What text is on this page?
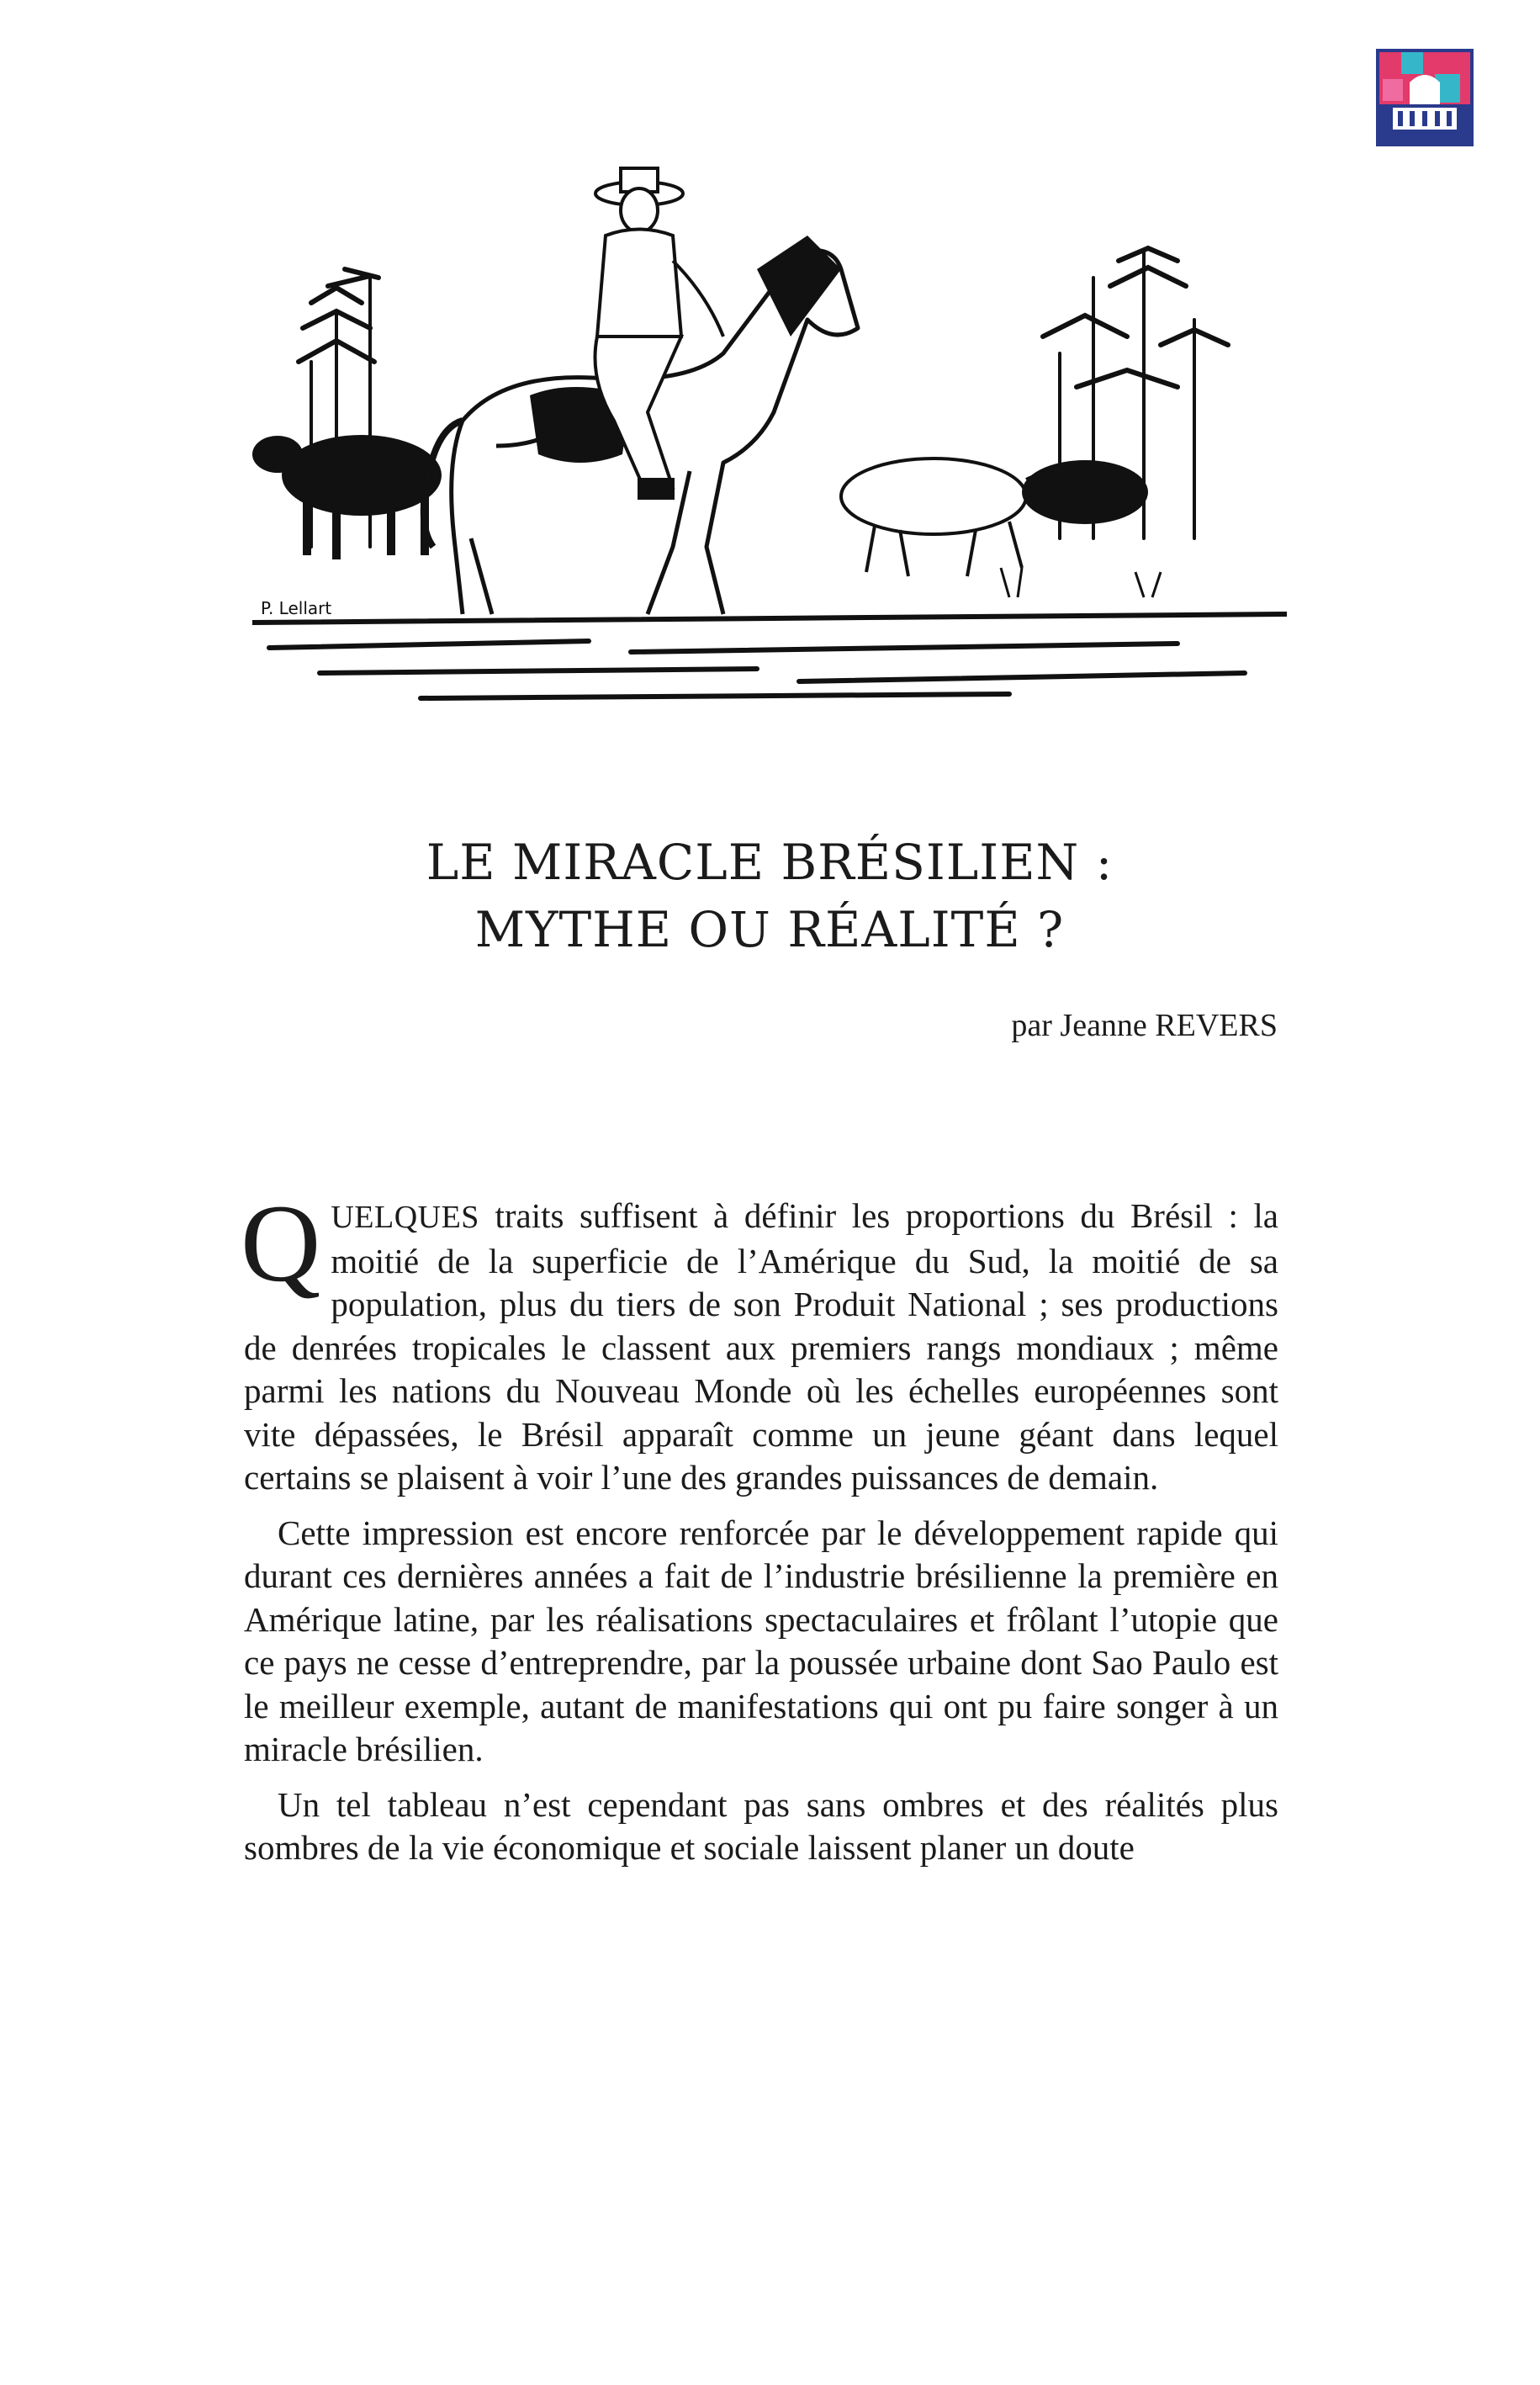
P. Lellart
LE MIRACLE BRÉSILIEN :
MYTHE OU RÉALITÉ ?
par Jeanne REVERS

QUELQUES traits suffisent à définir les proportions du Brésil : la moitié de la superficie de l’Amérique du Sud, la moitié de sa population, plus du tiers de son Produit National ; ses productions de denrées tropicales le classent aux premiers rangs mondiaux ; même parmi les nations du Nouveau Monde où les échelles européennes sont vite dépassées, le Brésil apparaît comme un jeune géant dans lequel certains se plaisent à voir l’une des grandes puissances de demain.

Cette impression est encore renforcée par le développement rapide qui durant ces dernières années a fait de l’industrie brésilienne la première en Amérique latine, par les réalisations spectaculaires et frôlant l’utopie que ce pays ne cesse d’entreprendre, par la poussée urbaine dont Sao Paulo est le meilleur exemple, autant de manifestations qui ont pu faire songer à un miracle brésilien.

Un tel tableau n’est cependant pas sans ombres et des réalités plus sombres de la vie économique et sociale laissent planer un doute
